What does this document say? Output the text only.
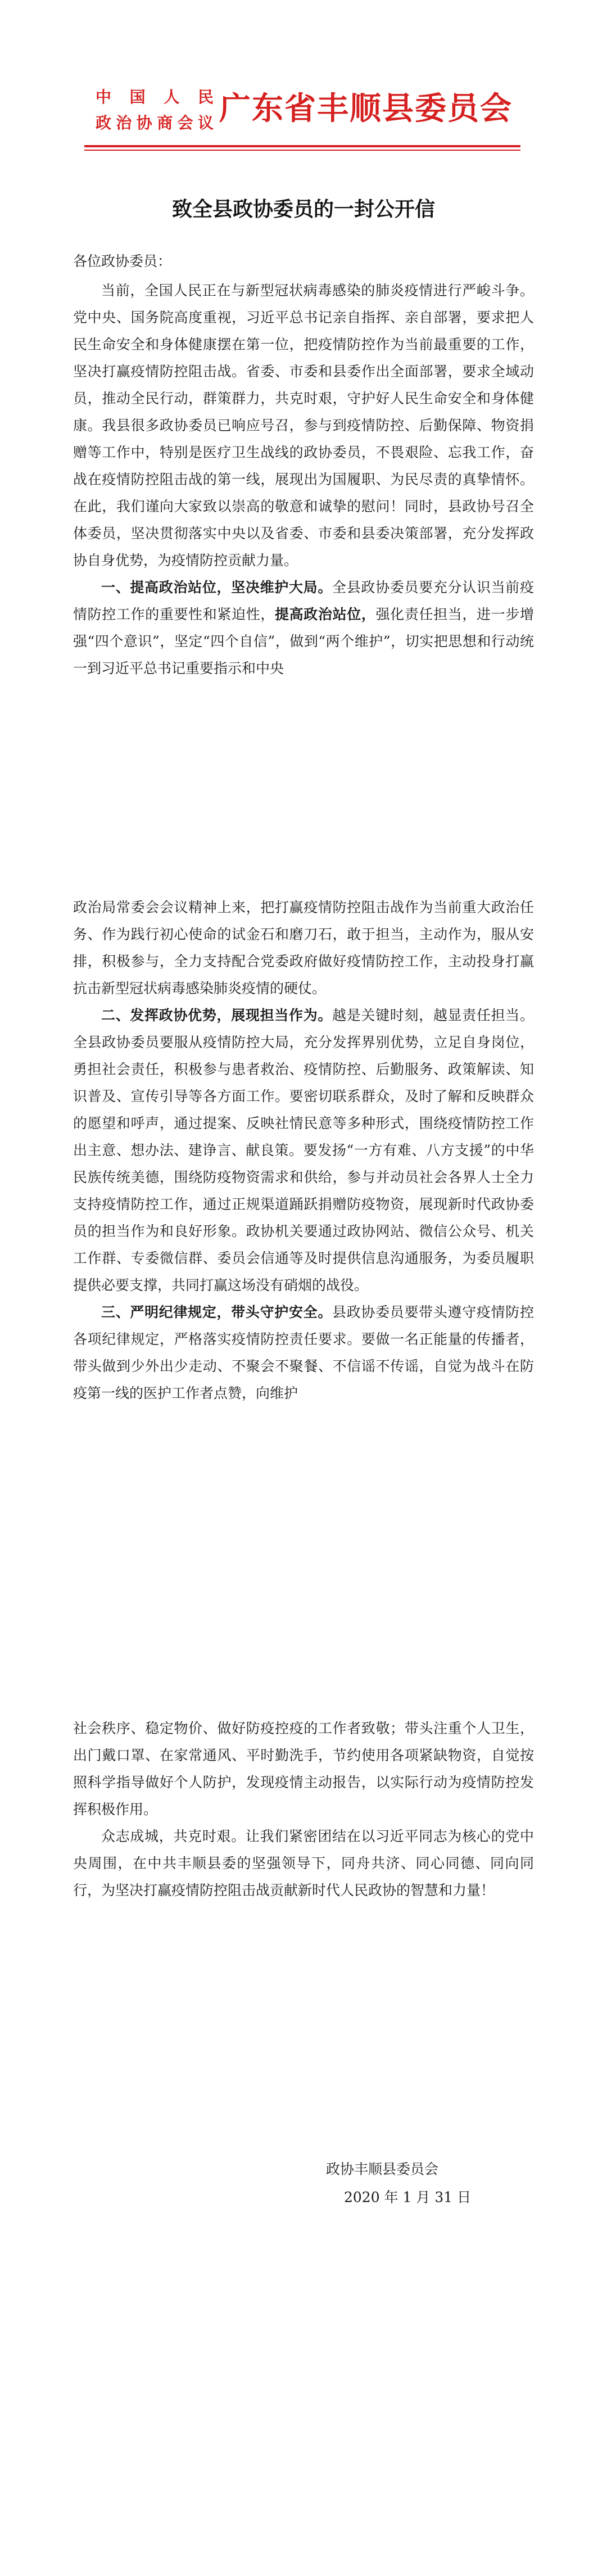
中国人民
政治协商会议 广东省丰顺县委员会
致全县政协委员的一封公开信
各位政协委员：

当前，全国人民正在与新型冠状病毒感染的肺炎疫情进行严峻斗争。党中央、国务院高度重视，习近平总书记亲自指挥、亲自部署，要求把人民生命安全和身体健康摆在第一位，把疫情防控作为当前最重要的工作，坚决打赢疫情防控阻击战。省委、市委和县委作出全面部署，要求全域动员，推动全民行动，群策群力，共克时艰，守护好人民生命安全和身体健康。我县很多政协委员已响应号召，参与到疫情防控、后勤保障、物资捐赠等工作中，特别是医疗卫生战线的政协委员，不畏艰险、忘我工作，奋战在疫情防控阻击战的第一线，展现出为国履职、为民尽责的真挚情怀。在此，我们谨向大家致以崇高的敬意和诚挚的慰问！同时，县政协号召全体委员，坚决贯彻落实中央以及省委、市委和县委决策部署，充分发挥政协自身优势，为疫情防控贡献力量。

一、提高政治站位，坚决维护大局。全县政协委员要充分认识当前疫情防控工作的重要性和紧迫性，提高政治站位，强化责任担当，进一步增强“四个意识”，坚定“四个自信”，做到“两个维护”，切实把思想和行动统一到习近平总书记重要指示和中央

政治局常委会会议精神上来，把打赢疫情防控阻击战作为当前重大政治任务、作为践行初心使命的试金石和磨刀石，敢于担当，主动作为，服从安排，积极参与，全力支持配合党委政府做好疫情防控工作，主动投身打赢抗击新型冠状病毒感染肺炎疫情的硬仗。

二、发挥政协优势，展现担当作为。越是关键时刻，越显责任担当。全县政协委员要服从疫情防控大局，充分发挥界别优势，立足自身岗位，勇担社会责任，积极参与患者救治、疫情防控、后勤服务、政策解读、知识普及、宣传引导等各方面工作。要密切联系群众，及时了解和反映群众的愿望和呼声，通过提案、反映社情民意等多种形式，围绕疫情防控工作出主意、想办法、建诤言、献良策。要发扬“一方有难、八方支援”的中华民族传统美德，围绕防疫物资需求和供给，参与并动员社会各界人士全力支持疫情防控工作，通过正规渠道踊跃捐赠防疫物资，展现新时代政协委员的担当作为和良好形象。政协机关要通过政协网站、微信公众号、机关工作群、专委微信群、委员会信通等及时提供信息沟通服务，为委员履职提供必要支撑，共同打赢这场没有硝烟的战役。

三、严明纪律规定，带头守护安全。县政协委员要带头遵守疫情防控各项纪律规定，严格落实疫情防控责任要求。要做一名正能量的传播者，带头做到少外出少走动、不聚会不聚餐、不信谣不传谣，自觉为战斗在防疫第一线的医护工作者点赞，向维护

社会秩序、稳定物价、做好防疫控疫的工作者致敬；带头注重个人卫生，出门戴口罩、在家常通风、平时勤洗手，节约使用各项紧缺物资，自觉按照科学指导做好个人防护，发现疫情主动报告，以实际行动为疫情防控发挥积极作用。

众志成城，共克时艰。让我们紧密团结在以习近平同志为核心的党中央周围，在中共丰顺县委的坚强领导下，同舟共济、同心同德、同向同行，为坚决打赢疫情防控阻击战贡献新时代人民政协的智慧和力量！

政协丰顺县委员会
2020 年 1 月 31 日
